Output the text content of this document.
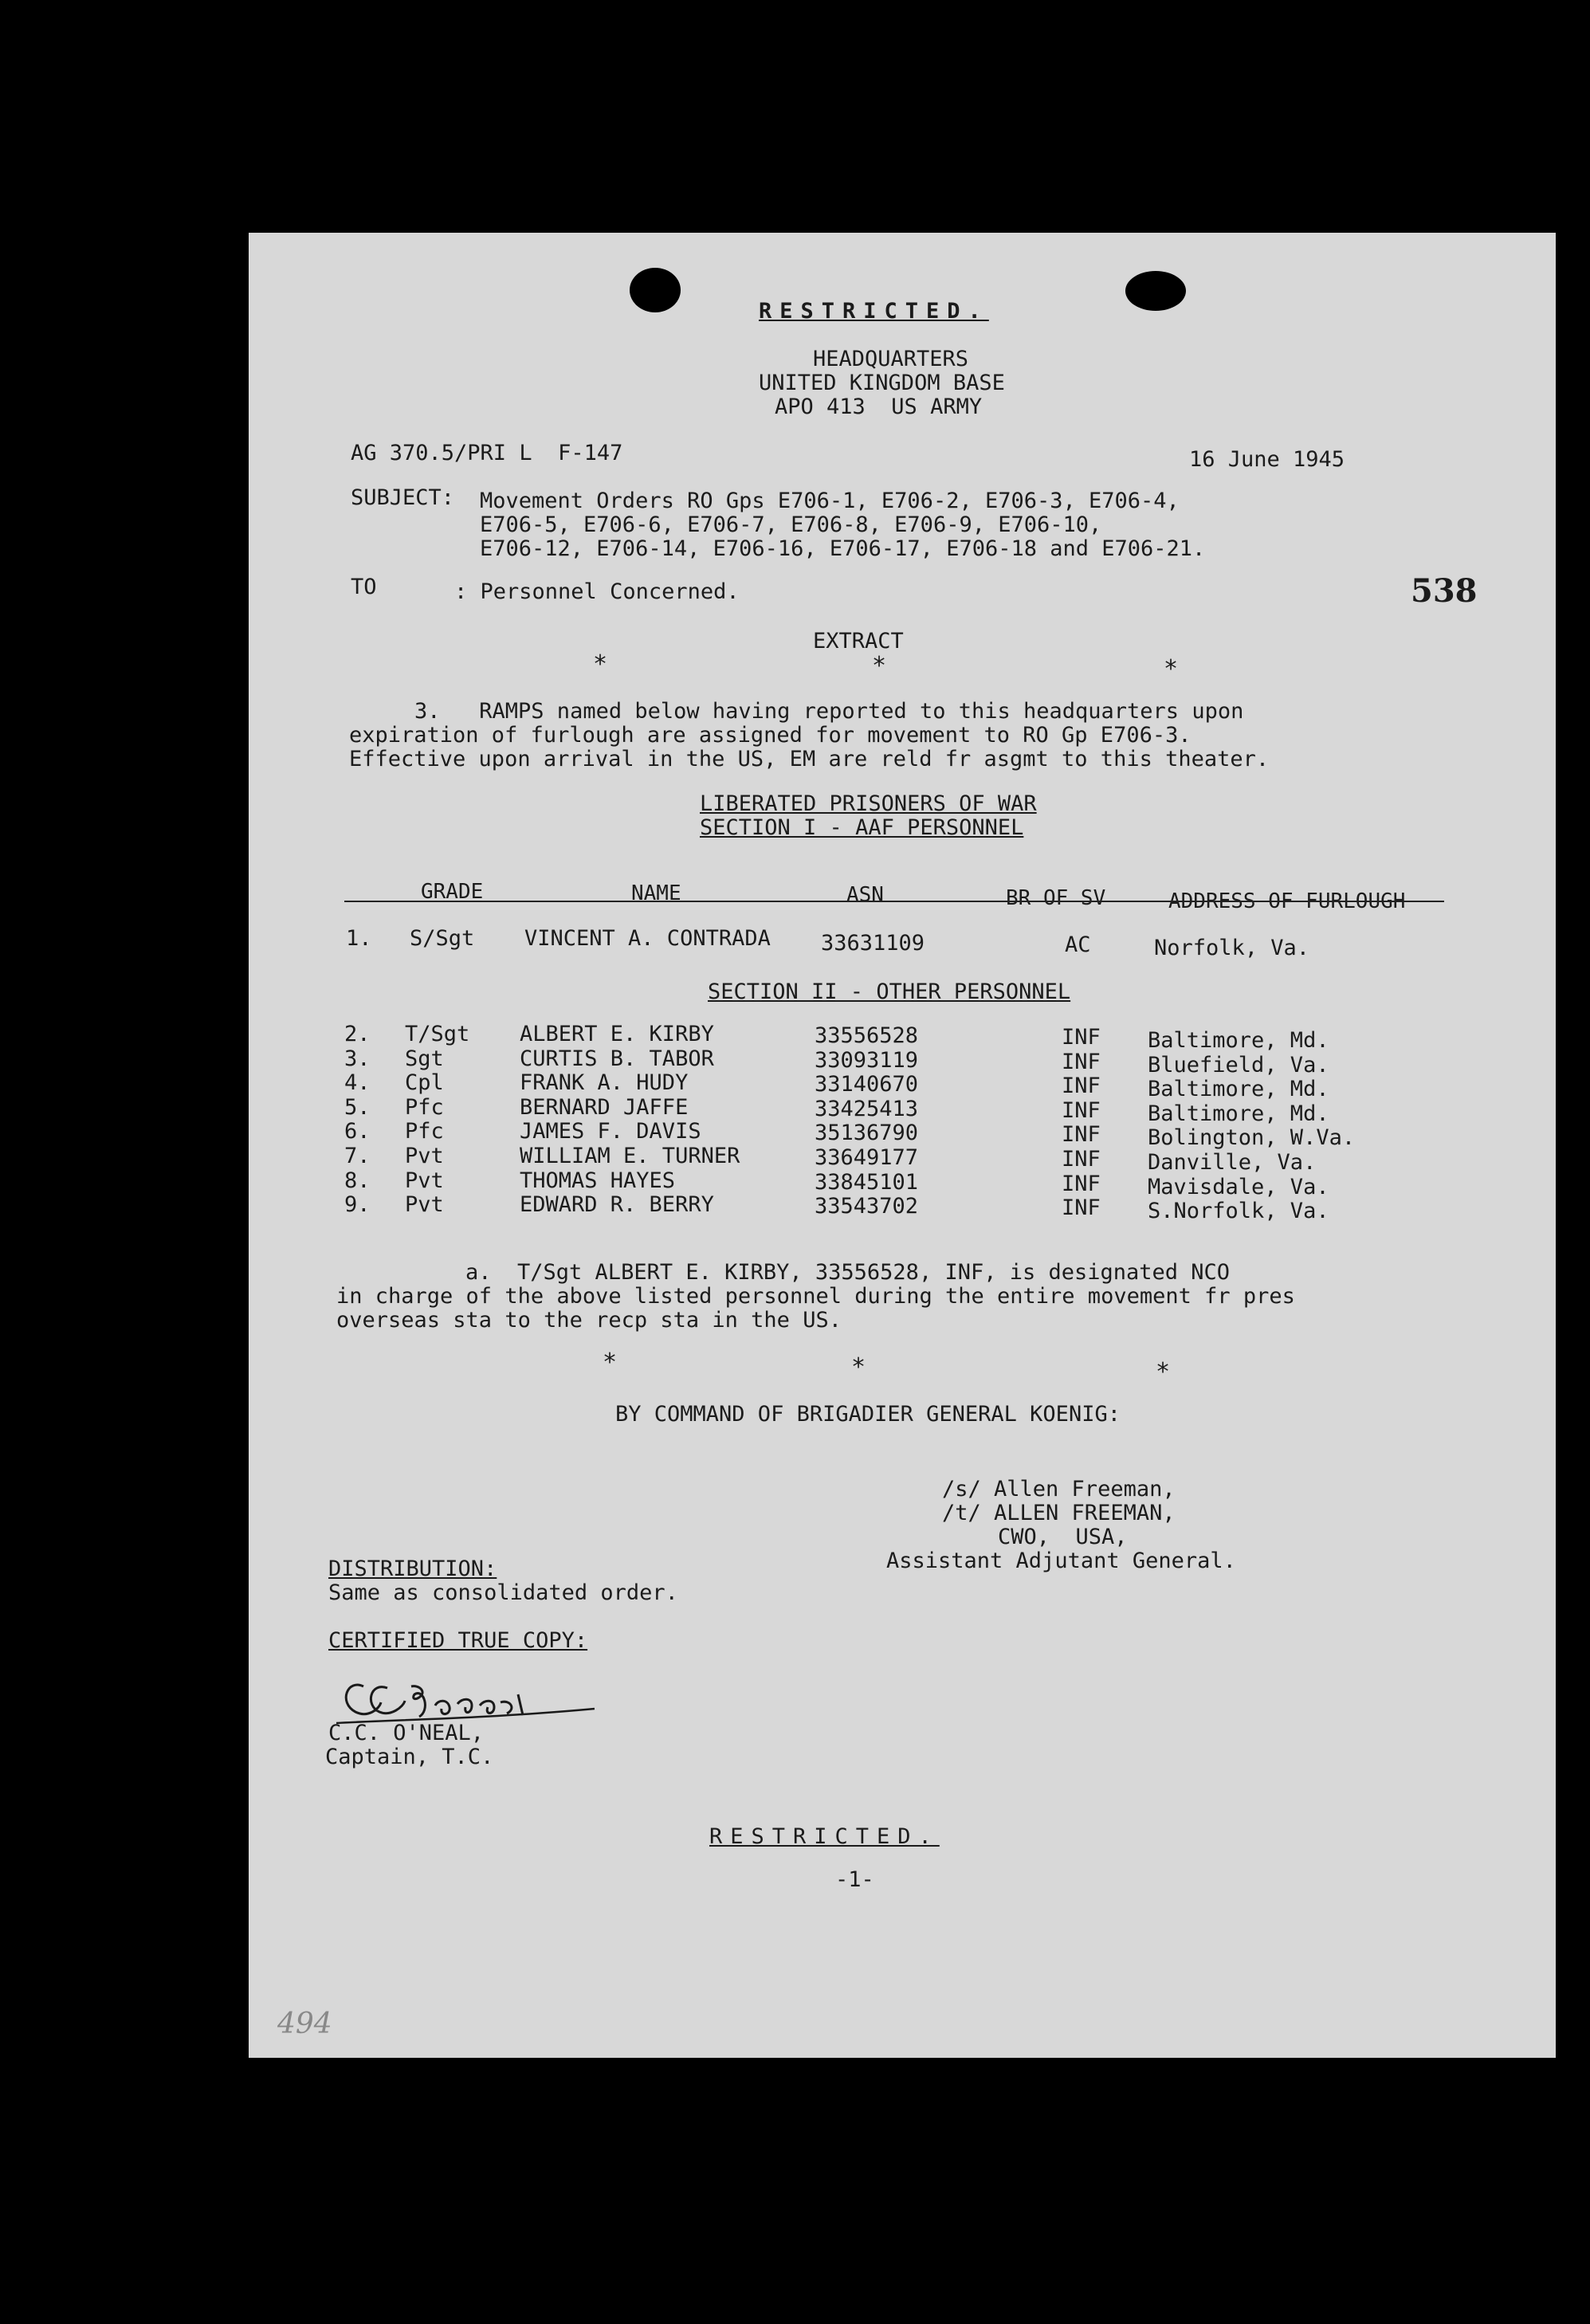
RESTRICTED.
HEADQUARTERS
UNITED KINGDOM BASE
APO 413  US ARMY
AG 370.5/PRI L  F-147	16 June 1945
SUBJECT: Movement Orders RO Gps E706-1, E706-2, E706-3, E706-4,
E706-5, E706-6, E706-7, E706-8, E706-9, E706-10,
E706-12, E706-14, E706-16, E706-17, E706-18 and E706-21.
TO	: Personnel Concerned.	538
EXTRACT
*	*	*
3.   RAMPS named below having reported to this headquarters upon
expiration of furlough are assigned for movement to RO Gp E706-3.
Effective upon arrival in the US, EM are reld fr asgmt to this theater.
LIBERATED PRISONERS OF WAR
SECTION I - AAF PERSONNEL
GRADE	NAME	ASN	BR OF SV	ADDRESS OF FURLOUGH
1. S/Sgt VINCENT A. CONTRADA 33631109	AC	Norfolk, Va.
SECTION II - OTHER PERSONNEL
2. T/Sgt ALBERT E. KIRBY	33556528	INF Baltimore, Md.
3. Sgt	CURTIS B. TABOR	33093119	INF Bluefield, Va.
4. Cpl	FRANK A. HUDY	33140670	INF Baltimore, Md.
5. Pfc	BERNARD JAFFE	33425413	INF Baltimore, Md.
6. Pfc	JAMES F. DAVIS	35136790	INF Bolington, W.Va.
7. Pvt	WILLIAM E. TURNER	33649177	INF Danville, Va.
8. Pvt	THOMAS HAYES	33845101	INF Mavisdale, Va.
9. Pvt	EDWARD R. BERRY	33543702	INF S.Norfolk, Va.
a.  T/Sgt ALBERT E. KIRBY, 33556528, INF, is designated NCO
in charge of the above listed personnel during the entire movement fr pres
overseas sta to the recp sta in the US.
*	*	*
BY COMMAND OF BRIGADIER GENERAL KOENIG:
/s/ Allen Freeman,
/t/ ALLEN FREEMAN,
CWO,  USA,
Assistant Adjutant General.
DISTRIBUTION:
Same as consolidated order.
CERTIFIED TRUE COPY:
C.C. O'NEAL,
Captain, T.C.
RESTRICTED.
-1-
494
